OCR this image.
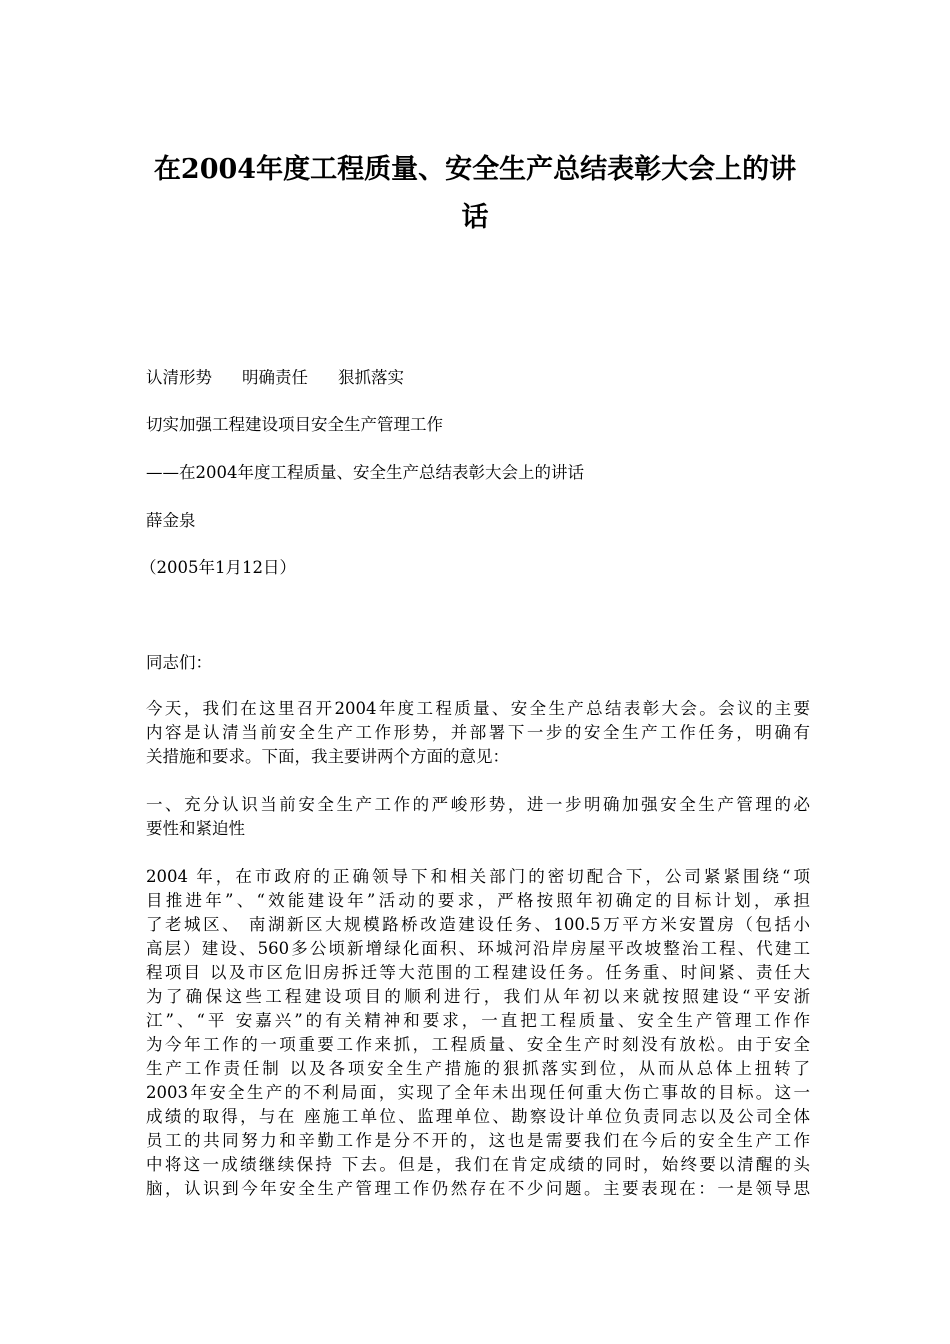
在2004年度工程质量、安全生产总结表彰大会上的讲
话
认清形势 明确责任 狠抓落实
切实加强工程建设项目安全生产管理工作
——在2004年度工程质量、安全生产总结表彰大会上的讲话
薛金泉
（2005年1月12日）
同志们：
今天，我们在这里召开2004年度工程质量、安全生产总结表彰大会。会议的主要
内容是认清当前安全生产工作形势，并部署下一步的安全生产工作任务，明确有
关措施和要求。下面，我主要讲两个方面的意见：
一、充分认识当前安全生产工作的严峻形势，进一步明确加强安全生产管理的必
要性和紧迫性
2004 年，在市政府的正确领导下和相关部门的密切配合下，公司紧紧围绕“项
目推进年”、“效能建设年”活动的要求，严格按照年初确定的目标计划，承担
了老城区、 南湖新区大规模路桥改造建设任务、100.5万平方米安置房（包括小
高层）建设、560多公顷新增绿化面积、环城河沿岸房屋平改坡整治工程、代建工
程项目 以及市区危旧房拆迁等大范围的工程建设任务。任务重、时间紧、责任大
为了确保这些工程建设项目的顺利进行，我们从年初以来就按照建设“平安浙
江”、“平 安嘉兴”的有关精神和要求，一直把工程质量、安全生产管理工作作
为今年工作的一项重要工作来抓，工程质量、安全生产时刻没有放松。由于安全
生产工作责任制 以及各项安全生产措施的狠抓落实到位，从而从总体上扭转了
2003年安全生产的不利局面，实现了全年未出现任何重大伤亡事故的目标。这一
成绩的取得，与在 座施工单位、监理单位、勘察设计单位负责同志以及公司全体
员工的共同努力和辛勤工作是分不开的，这也是需要我们在今后的安全生产工作
中将这一成绩继续保持 下去。但是，我们在肯定成绩的同时，始终要以清醒的头
脑，认识到今年安全生产管理工作仍然存在不少问题。主要表现在：一是领导思
